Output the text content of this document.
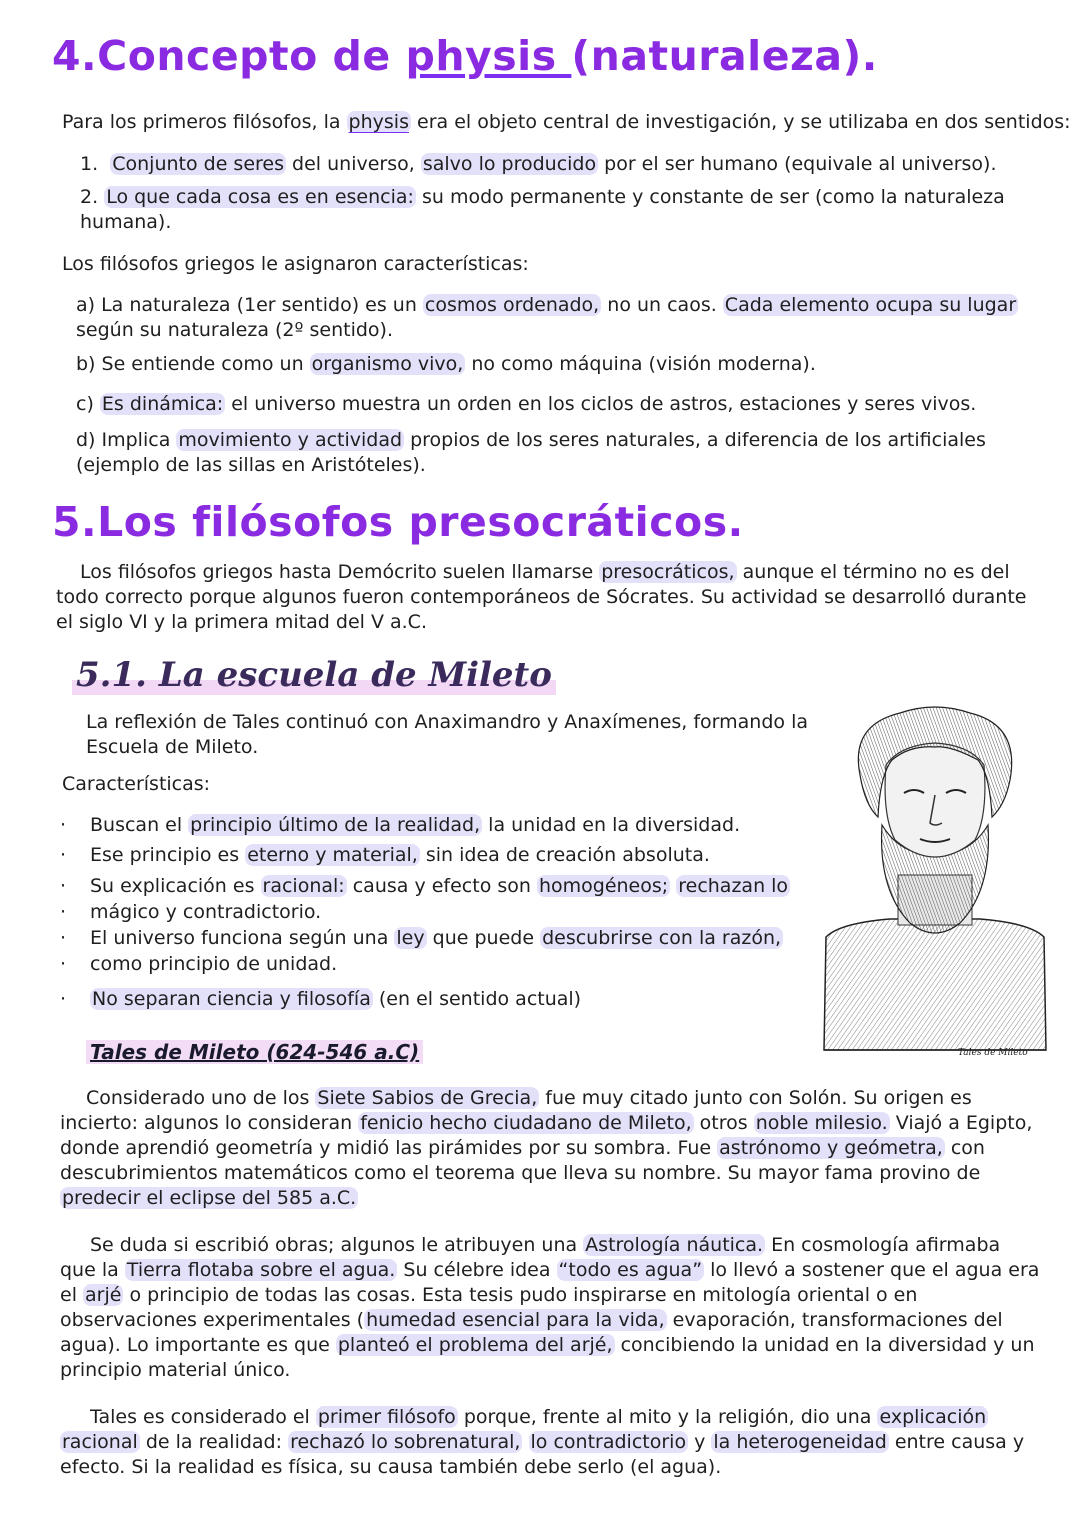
4.Concepto de physis (naturaleza).

Para los primeros filósofos, la physis era el objeto central de investigación, y se utilizaba en dos sentidos:

1. Conjunto de seres del universo, salvo lo producido por el ser humano (equivale al universo).

2. Lo que cada cosa es en esencia: su modo permanente y constante de ser (como la naturaleza

humana).

Los filósofos griegos le asignaron características:

a) La naturaleza (1er sentido) es un cosmos ordenado, no un caos. Cada elemento ocupa su lugar

según su naturaleza (2º sentido).

b) Se entiende como un organismo vivo, no como máquina (visión moderna).

c) Es dinámica: el universo muestra un orden en los ciclos de astros, estaciones y seres vivos.

d) Implica movimiento y actividad propios de los seres naturales, a diferencia de los artificiales

(ejemplo de las sillas en Aristóteles).

5.Los filósofos presocráticos.

Los filósofos griegos hasta Demócrito suelen llamarse presocráticos, aunque el término no es del

todo correcto porque algunos fueron contemporáneos de Sócrates. Su actividad se desarrolló durante

el siglo VI y la primera mitad del V a.C.

5.1. La escuela de Mileto

La reflexión de Tales continuó con Anaximandro y Anaxímenes, formando la

Escuela de Mileto.

Características:

· Buscan el principio último de la realidad, la unidad en la diversidad.

· Ese principio es eterno y material, sin idea de creación absoluta.

· Su explicación es racional: causa y efecto son homogéneos; rechazan lo

· mágico y contradictorio.

· El universo funciona según una ley que puede descubrirse con la razón,

· como principio de unidad.

· No separan ciencia y filosofía (en el sentido actual)

Tales de Mileto

Tales de Mileto (624-546 a.C)

Considerado uno de los Siete Sabios de Grecia, fue muy citado junto con Solón. Su origen es

incierto: algunos lo consideran fenicio hecho ciudadano de Mileto, otros noble milesio. Viajó a Egipto,

donde aprendió geometría y midió las pirámides por su sombra. Fue astrónomo y geómetra, con

descubrimientos matemáticos como el teorema que lleva su nombre. Su mayor fama provino de

predecir el eclipse del 585 a.C.

Se duda si escribió obras; algunos le atribuyen una Astrología náutica. En cosmología afirmaba

que la Tierra flotaba sobre el agua. Su célebre idea “todo es agua” lo llevó a sostener que el agua era

el arjé o principio de todas las cosas. Esta tesis pudo inspirarse en mitología oriental o en

observaciones experimentales ( humedad esencial para la vida, evaporación, transformaciones del

agua). Lo importante es que planteó el problema del arjé, concibiendo la unidad en la diversidad y un

principio material único.

Tales es considerado el primer filósofo porque, frente al mito y la religión, dio una explicación

racional de la realidad: rechazó lo sobrenatural, lo contradictorio y la heterogeneidad entre causa y

efecto. Si la realidad es física, su causa también debe serlo (el agua).
